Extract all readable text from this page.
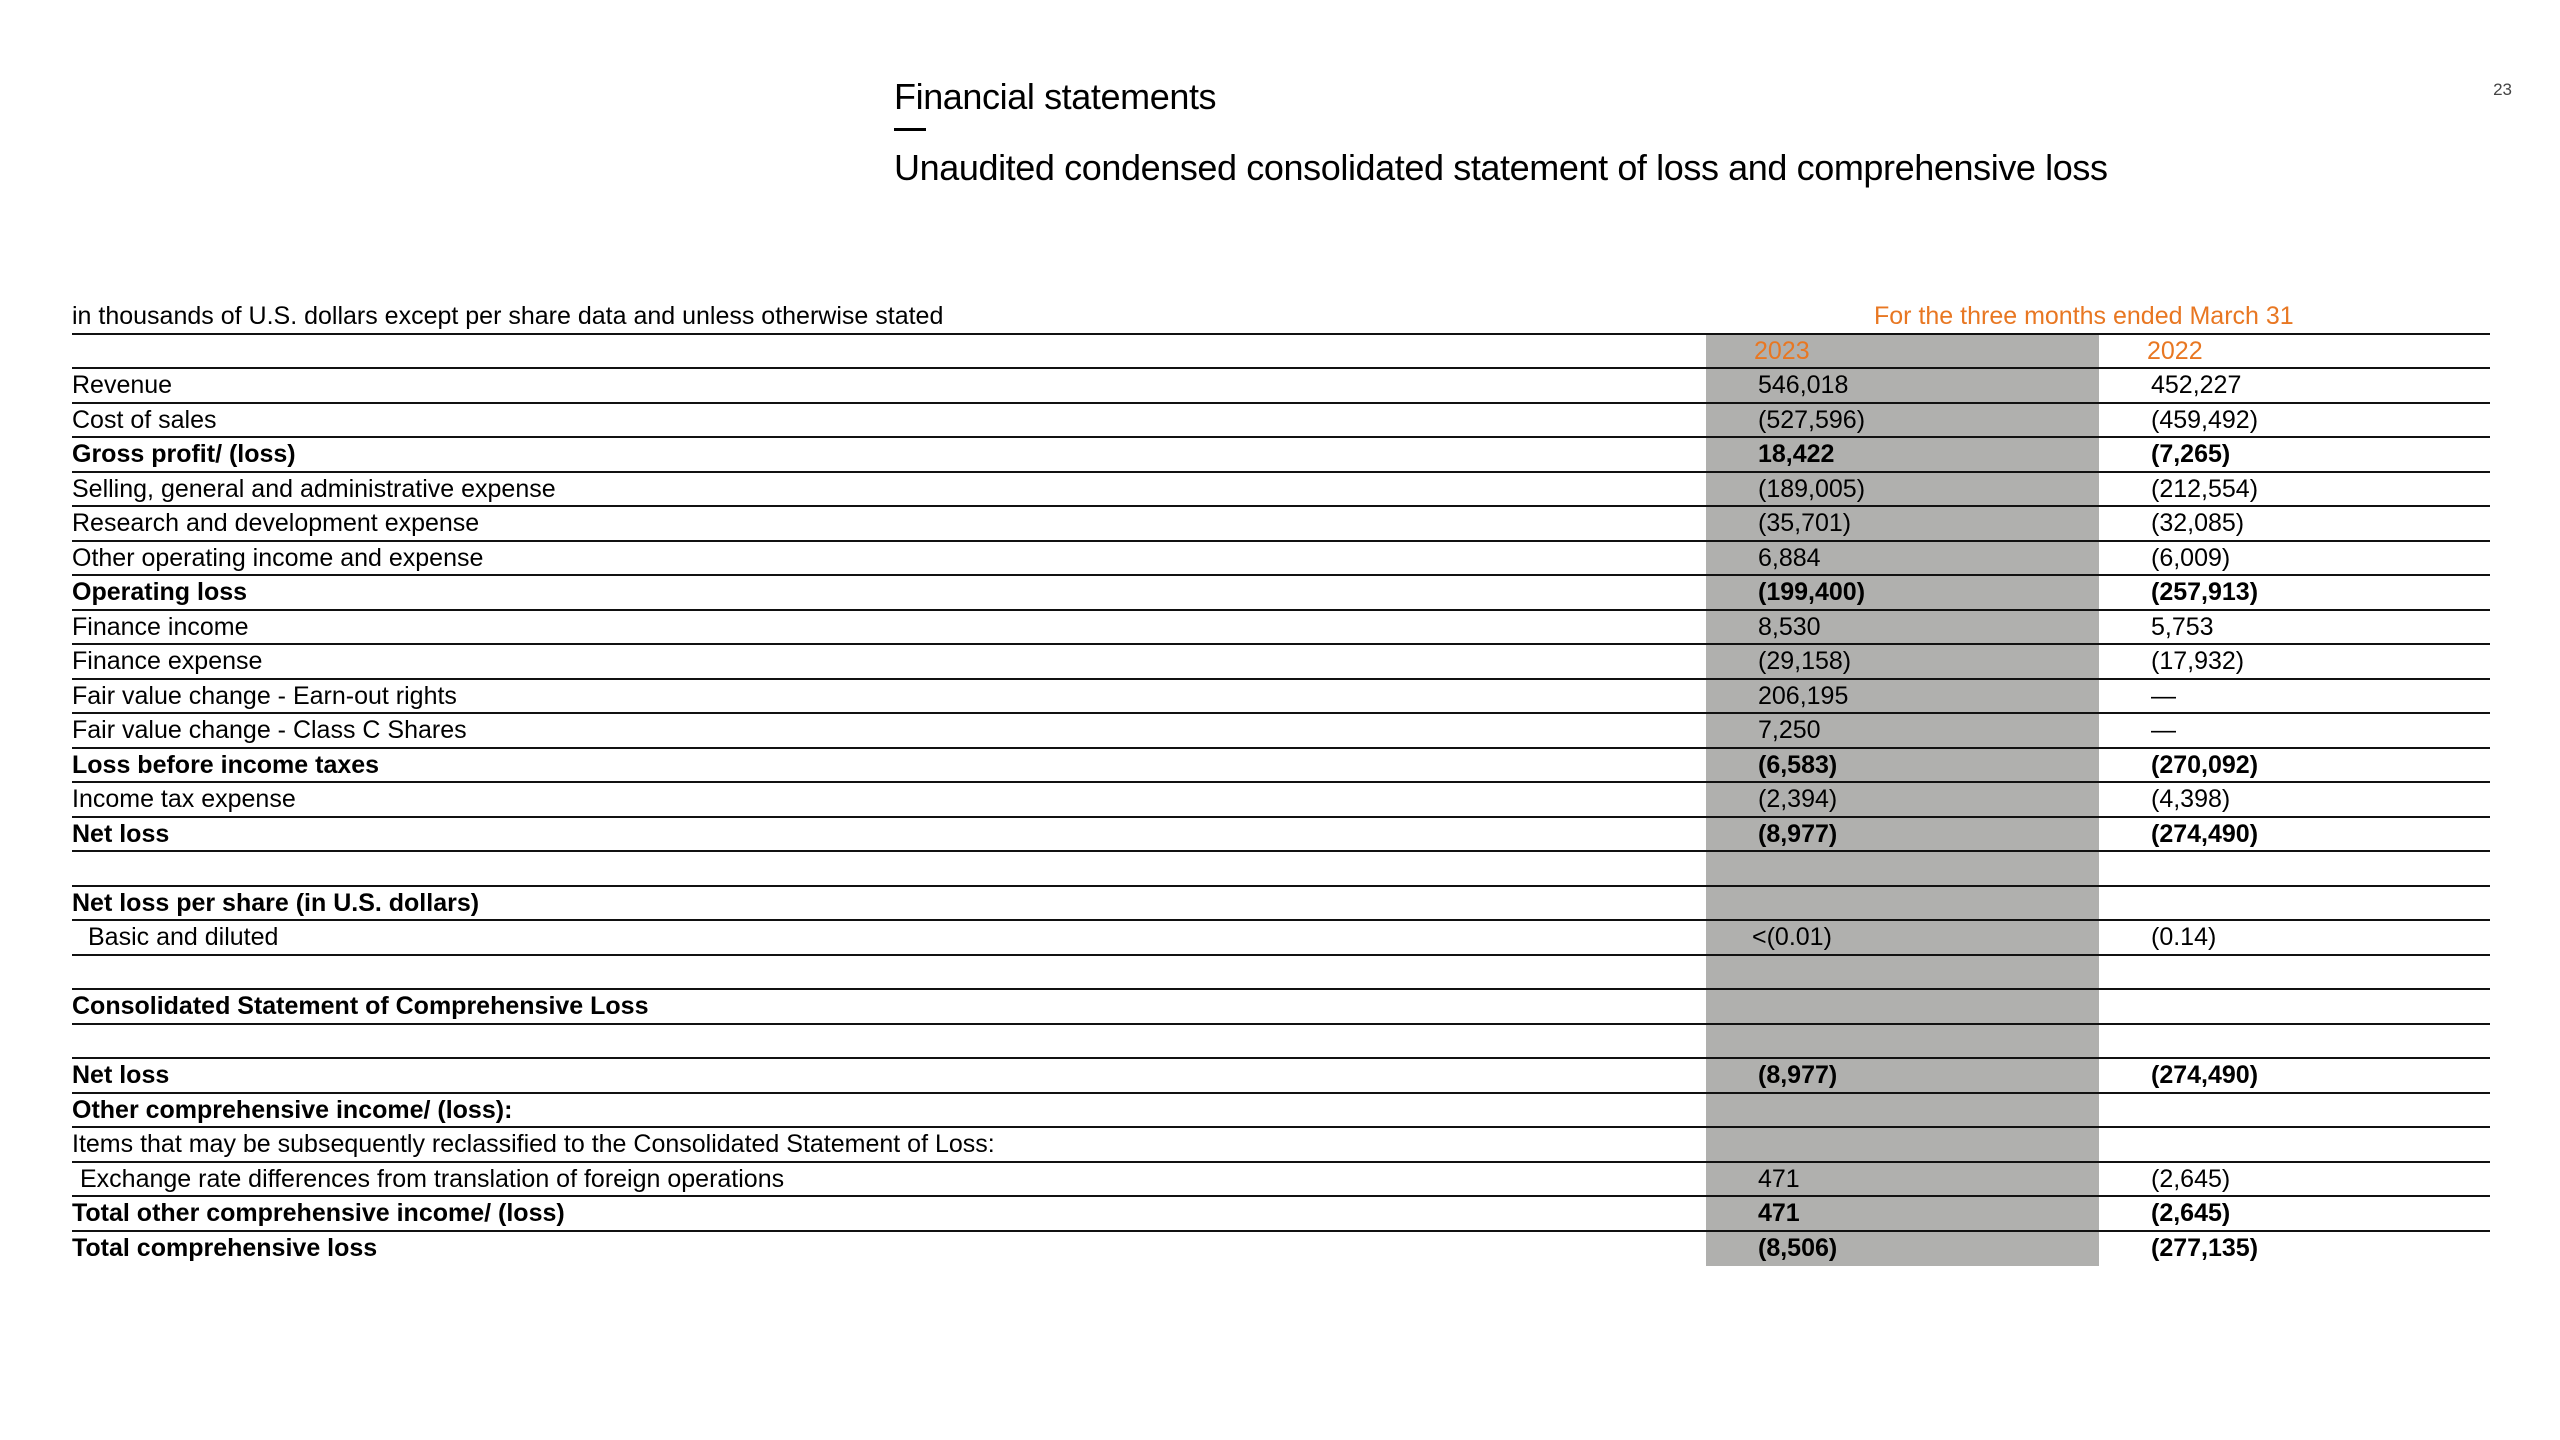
23
Financial statements
Unaudited condensed consolidated statement of loss and comprehensive loss
in thousands of U.S. dollars except per share data and unless otherwise stated	For the three months ended March 31
2023	2022
Revenue	546,018	452,227
Cost of sales	(527,596)	(459,492)
Gross profit/ (loss)	18,422	(7,265)
Selling, general and administrative expense	(189,005)	(212,554)
Research and development expense	(35,701)	(32,085)
Other operating income and expense	6,884	(6,009)
Operating loss	(199,400)	(257,913)
Finance income	8,530	5,753
Finance expense	(29,158)	(17,932)
Fair value change - Earn-out rights	206,195	—
Fair value change - Class C Shares	7,250	—
Loss before income taxes	(6,583)	(270,092)
Income tax expense	(2,394)	(4,398)
Net loss	(8,977)	(274,490)
Net loss per share (in U.S. dollars)
Basic and diluted	<(0.01)	(0.14)
Consolidated Statement of Comprehensive Loss
Net loss	(8,977)	(274,490)
Other comprehensive income/ (loss):
Items that may be subsequently reclassified to the Consolidated Statement of Loss:
Exchange rate differences from translation of foreign operations	471	(2,645)
Total other comprehensive income/ (loss)	471	(2,645)
Total comprehensive loss	(8,506)	(277,135)
